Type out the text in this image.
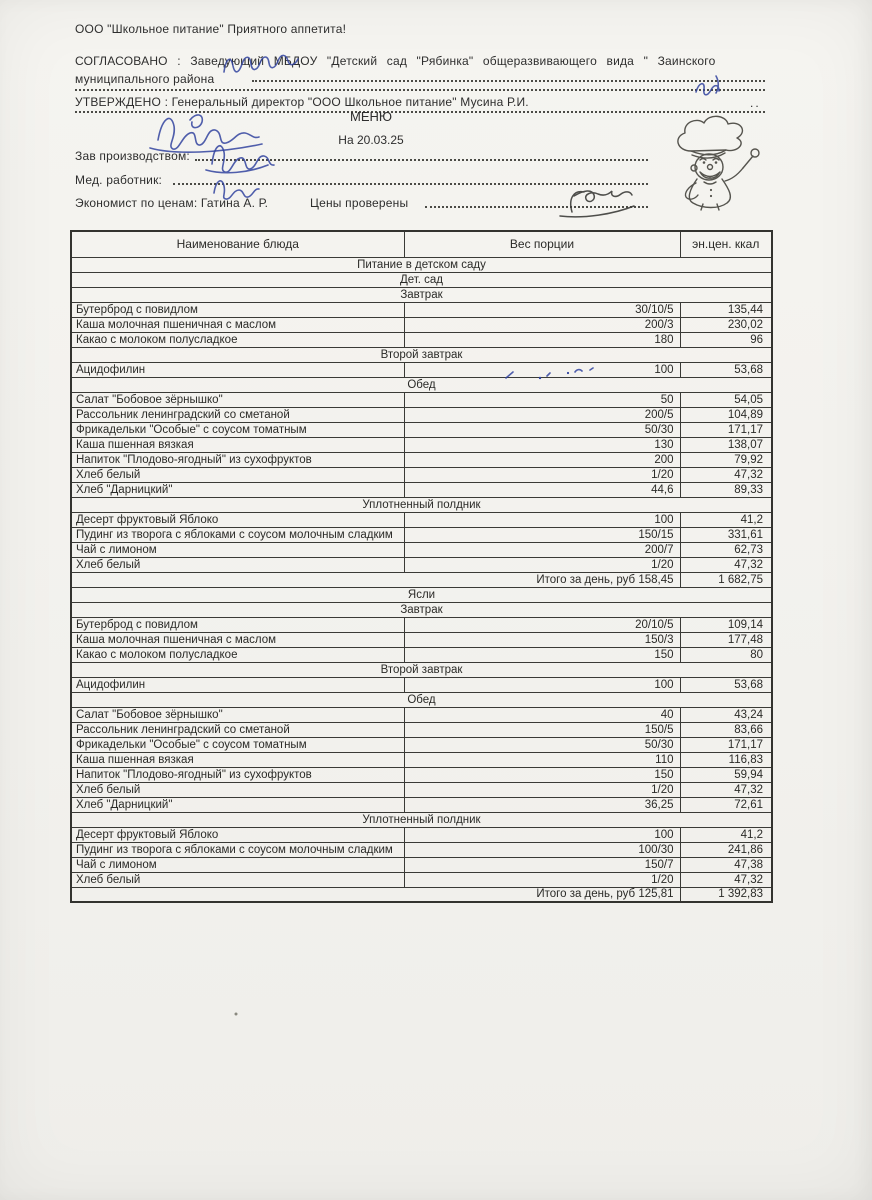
ООО "Школьное питание" Приятного аппетита!
СОГЛАСОВАНО : Заведующий МБДОУ "Детский сад "Рябинка" общеразвивающего вида " Заинского
муниципального района
УТВЕРЖДЕНО : Генеральный директор "ООО Школьное питание" Мусина Р.И.	..
МЕНЮ
На 20.03.25
Зав производством:
Мед. работник:
Экономист по ценам: Гатина А. Р.	Цены проверены
Наименование блюда	Вес порции	эн.цен. ккал
Питание в детском саду		
Дет. сад		
Завтрак		
Бутерброд с повидлом	30/10/5	135,44
Каша молочная пшеничная с маслом	200/3	230,02
Какао с молоком полусладкое	180	96
Второй завтрак		
Ацидофилин	100	53,68
Обед		
Салат "Бобовое зёрнышко"	50	54,05
Рассольник ленинградский со сметаной	200/5	104,89
Фрикадельки "Особые" с соусом томатным	50/30	171,17
Каша пшенная вязкая	130	138,07
Напиток "Плодово-ягодный" из сухофруктов	200	79,92
Хлеб белый	1/20	47,32
Хлеб "Дарницкий"	44,6	89,33
Уплотненный полдник		
Десерт фруктовый Яблоко	100	41,2
Пудинг из творога с яблоками с соусом молочным сладким	150/15	331,61
Чай с лимоном	200/7	62,73
Хлеб белый	1/20	47,32
Итого за день, руб 158,45		1 682,75
Ясли		
Завтрак		
Бутерброд с повидлом	20/10/5	109,14
Каша молочная пшеничная с маслом	150/3	177,48
Какао с молоком полусладкое	150	80
Второй завтрак		
Ацидофилин	100	53,68
Обед		
Салат "Бобовое зёрнышко"	40	43,24
Рассольник ленинградский со сметаной	150/5	83,66
Фрикадельки "Особые" с соусом томатным	50/30	171,17
Каша пшенная вязкая	110	116,83
Напиток "Плодово-ягодный" из сухофруктов	150	59,94
Хлеб белый	1/20	47,32
Хлеб "Дарницкий"	36,25	72,61
Уплотненный полдник		
Десерт фруктовый Яблоко	100	41,2
Пудинг из творога с яблоками с соусом молочным сладким	100/30	241,86
Чай с лимоном	150/7	47,38
Хлеб белый	1/20	47,32
Итого за день, руб 125,81		1 392,83
